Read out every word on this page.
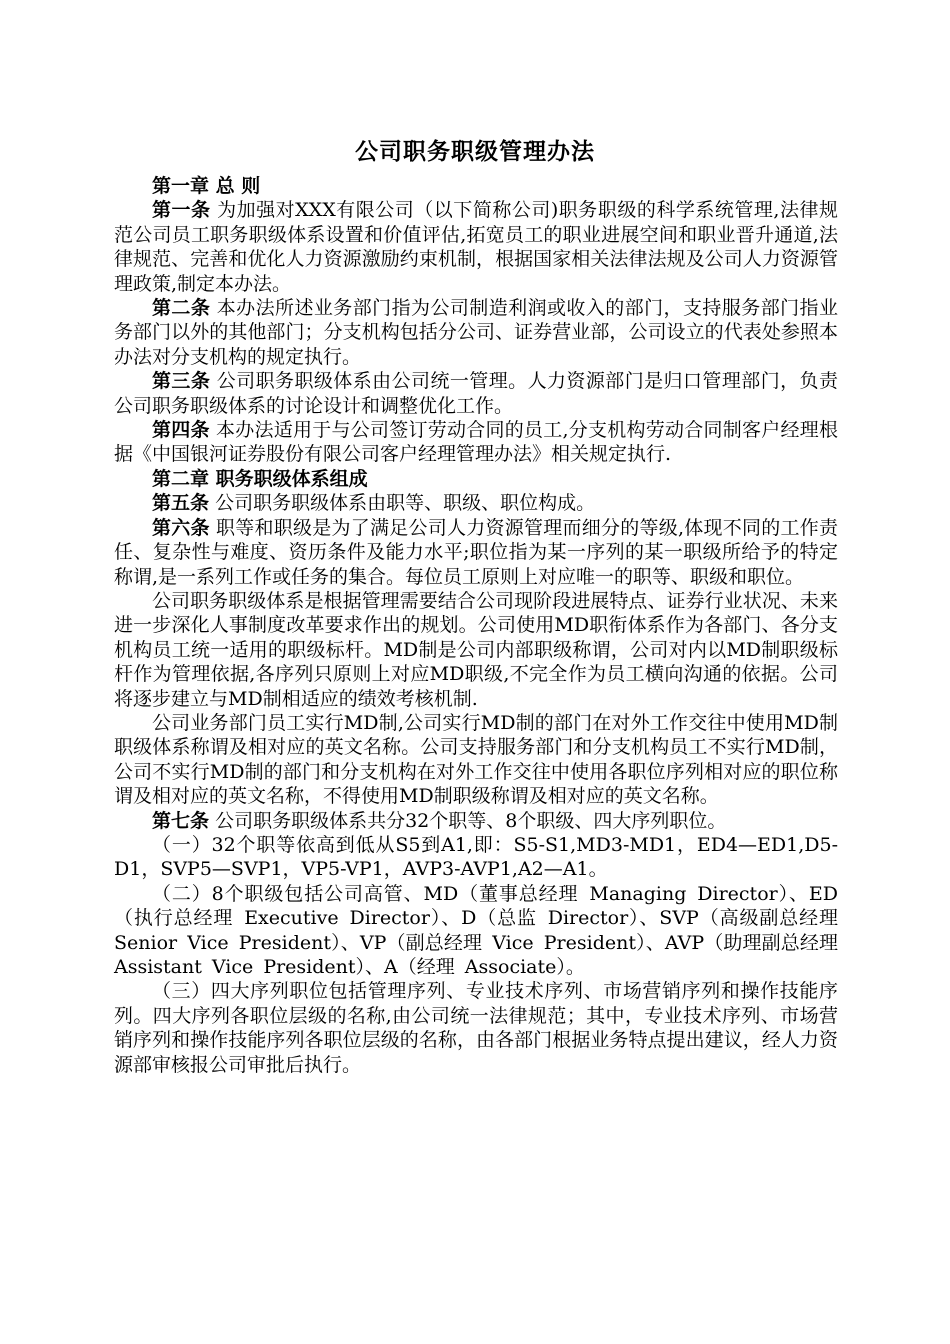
公司职务职级管理办法

第一章 总 则

第一条 为加强对XXX有限公司（以下简称公司)职务职级的科学系统管理,法律规范公司员工职务职级体系设置和价值评估,拓宽员工的职业进展空间和职业晋升通道,法律规范、完善和优化人力资源激励约束机制，根据国家相关法律法规及公司人力资源管理政策,制定本办法。

第二条 本办法所述业务部门指为公司制造利润或收入的部门，支持服务部门指业务部门以外的其他部门；分支机构包括分公司、证券营业部，公司设立的代表处参照本办法对分支机构的规定执行。

第三条 公司职务职级体系由公司统一管理。人力资源部门是归口管理部门，负责公司职务职级体系的讨论设计和调整优化工作。

第四条 本办法适用于与公司签订劳动合同的员工,分支机构劳动合同制客户经理根据《中国银河证券股份有限公司客户经理管理办法》相关规定执行.

第二章 职务职级体系组成

第五条 公司职务职级体系由职等、职级、职位构成。

第六条 职等和职级是为了满足公司人力资源管理而细分的等级,体现不同的工作责任、复杂性与难度、资历条件及能力水平;职位指为某一序列的某一职级所给予的特定称谓,是一系列工作或任务的集合。每位员工原则上对应唯一的职等、职级和职位。

公司职务职级体系是根据管理需要结合公司现阶段进展特点、证券行业状况、未来进一步深化人事制度改革要求作出的规划。公司使用MD职衔体系作为各部门、各分支机构员工统一适用的职级标杆。MD制是公司内部职级称谓，公司对内以MD制职级标杆作为管理依据,各序列只原则上对应MD职级,不完全作为员工横向沟通的依据。公司将逐步建立与MD制相适应的绩效考核机制.

公司业务部门员工实行MD制,公司实行MD制的部门在对外工作交往中使用MD制职级体系称谓及相对应的英文名称。公司支持服务部门和分支机构员工不实行MD制，公司不实行MD制的部门和分支机构在对外工作交往中使用各职位序列相对应的职位称谓及相对应的英文名称，不得使用MD制职级称谓及相对应的英文名称。

第七条 公司职务职级体系共分32个职等、8个职级、四大序列职位。

（一）32个职等依高到低从S5到A1,即：S5-S1,MD3-MD1，ED4—ED1,D5-D1，SVP5—SVP1，VP5-VP1，AVP3-AVP1,A2—A1。

（二）8个职级包括公司高管、MD（董事总经理 Managing Director）、ED（执行总经理 Executive Director）、D（总监 Director）、SVP（高级副总经理 Senior Vice President）、VP（副总经理 Vice President）、AVP（助理副总经理 Assistant Vice President）、A（经理 Associate）。

（三）四大序列职位包括管理序列、专业技术序列、市场营销序列和操作技能序列。四大序列各职位层级的名称,由公司统一法律规范；其中，专业技术序列、市场营销序列和操作技能序列各职位层级的名称，由各部门根据业务特点提出建议，经人力资源部审核报公司审批后执行。
